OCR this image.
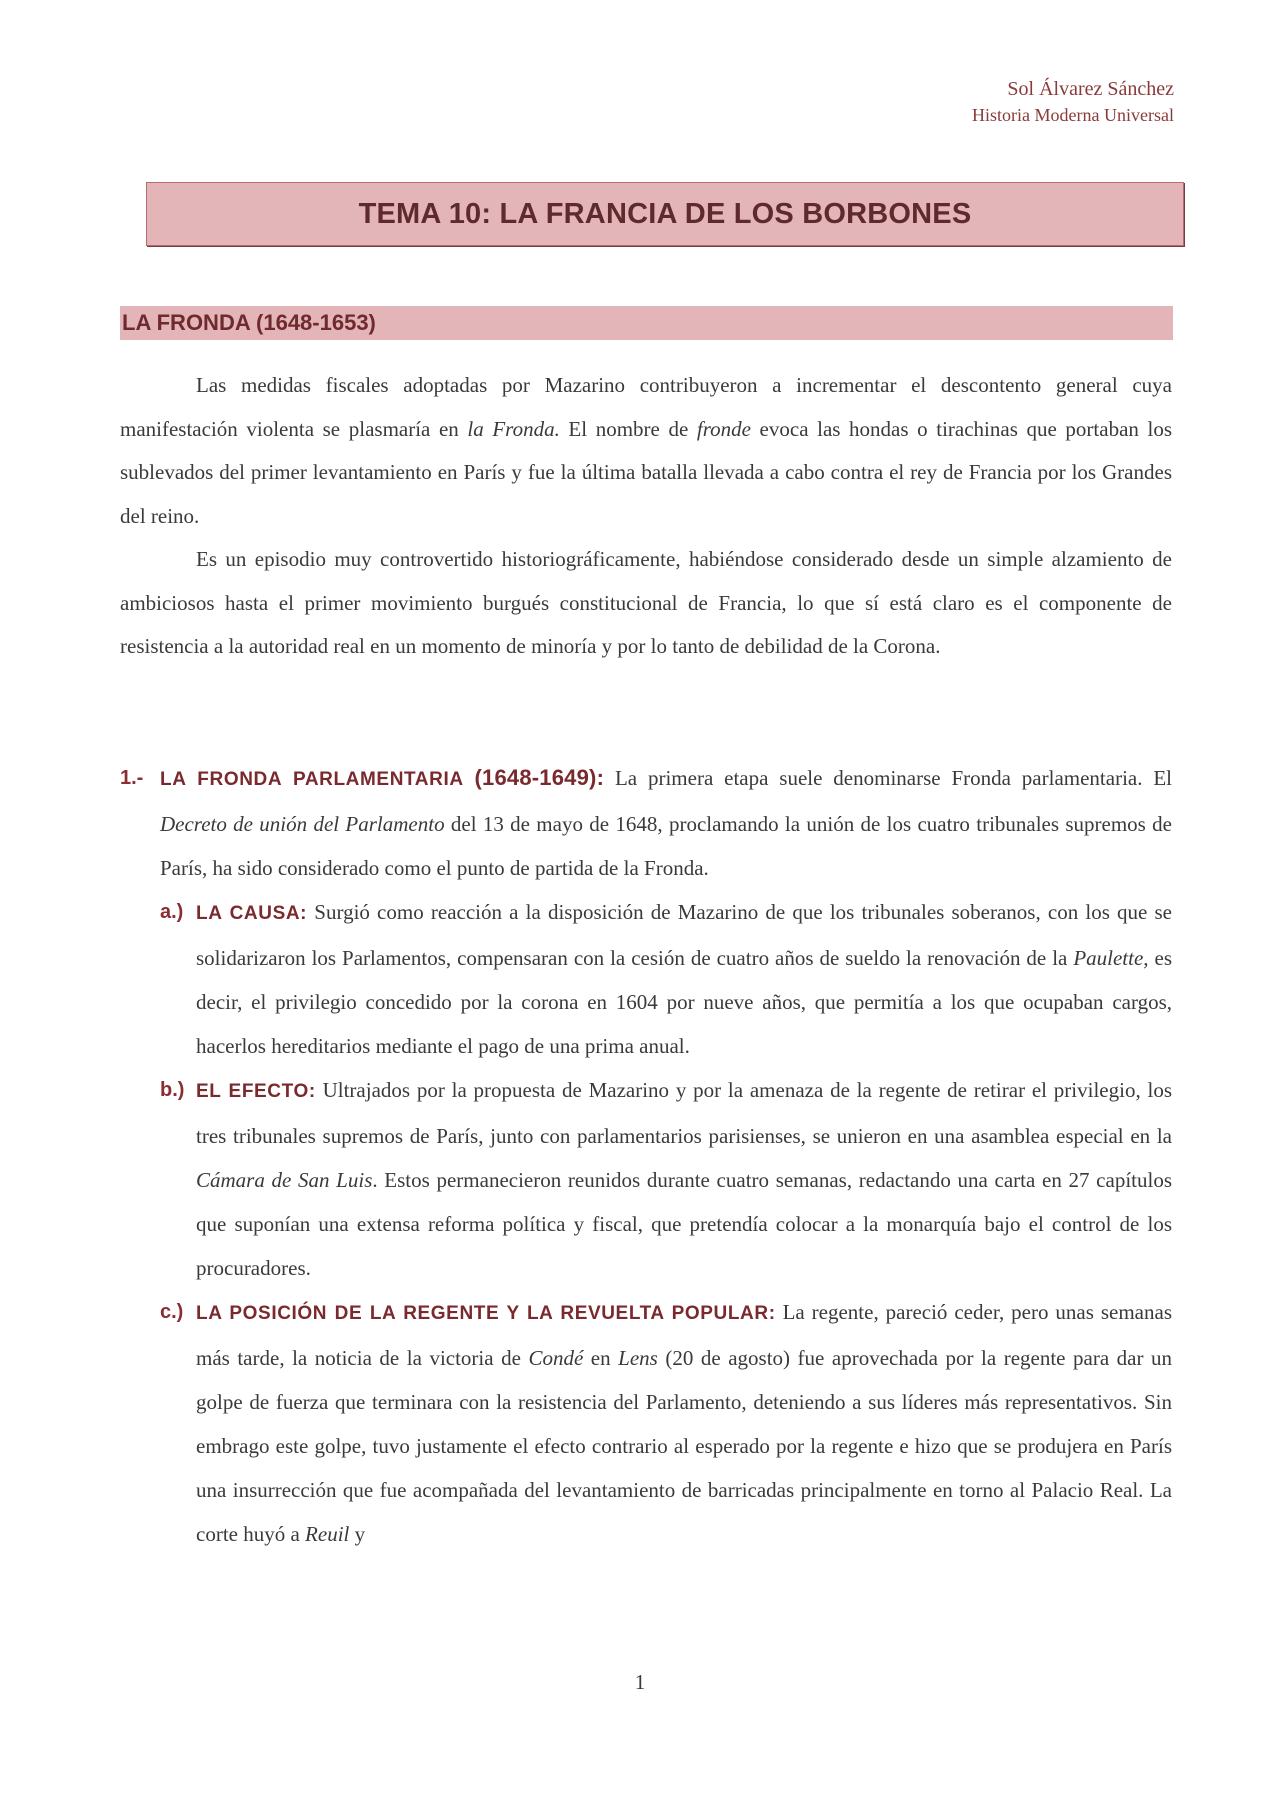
Sol Álvarez Sánchez
Historia Moderna Universal
TEMA 10: LA FRANCIA DE LOS BORBONES
LA FRONDA (1648-1653)

Las medidas fiscales adoptadas por Mazarino contribuyeron a incrementar el descontento general cuya manifestación violenta se plasmaría en la Fronda. El nombre de fronde evoca las hondas o tirachinas que portaban los sublevados del primer levantamiento en París y fue la última batalla llevada a cabo contra el rey de Francia por los Grandes del reino.

Es un episodio muy controvertido historiográficamente, habiéndose considerado desde un simple alzamiento de ambiciosos hasta el primer movimiento burgués constitucional de Francia, lo que sí está claro es el componente de resistencia a la autoridad real en un momento de minoría y por lo tanto de debilidad de la Corona.

1.- LA FRONDA PARLAMENTARIA (1648-1649): La primera etapa suele denominarse Fronda parlamentaria. El Decreto de unión del Parlamento del 13 de mayo de 1648, proclamando la unión de los cuatro tribunales supremos de París, ha sido considerado como el punto de partida de la Fronda.
a.) LA CAUSA: Surgió como reacción a la disposición de Mazarino de que los tribunales soberanos, con los que se solidarizaron los Parlamentos, compensaran con la cesión de cuatro años de sueldo la renovación de la Paulette, es decir, el privilegio concedido por la corona en 1604 por nueve años, que permitía a los que ocupaban cargos, hacerlos hereditarios mediante el pago de una prima anual.
b.) EL EFECTO: Ultrajados por la propuesta de Mazarino y por la amenaza de la regente de retirar el privilegio, los tres tribunales supremos de París, junto con parlamentarios parisienses, se unieron en una asamblea especial en la Cámara de San Luis. Estos permanecieron reunidos durante cuatro semanas, redactando una carta en 27 capítulos que suponían una extensa reforma política y fiscal, que pretendía colocar a la monarquía bajo el control de los procuradores.
c.) LA POSICIÓN DE LA REGENTE Y LA REVUELTA POPULAR: La regente, pareció ceder, pero unas semanas más tarde, la noticia de la victoria de Condé en Lens (20 de agosto) fue aprovechada por la regente para dar un golpe de fuerza que terminara con la resistencia del Parlamento, deteniendo a sus líderes más representativos. Sin embrago este golpe, tuvo justamente el efecto contrario al esperado por la regente e hizo que se produjera en París una insurrección que fue acompañada del levantamiento de barricadas principalmente en torno al Palacio Real. La corte huyó a Reuil y
1
